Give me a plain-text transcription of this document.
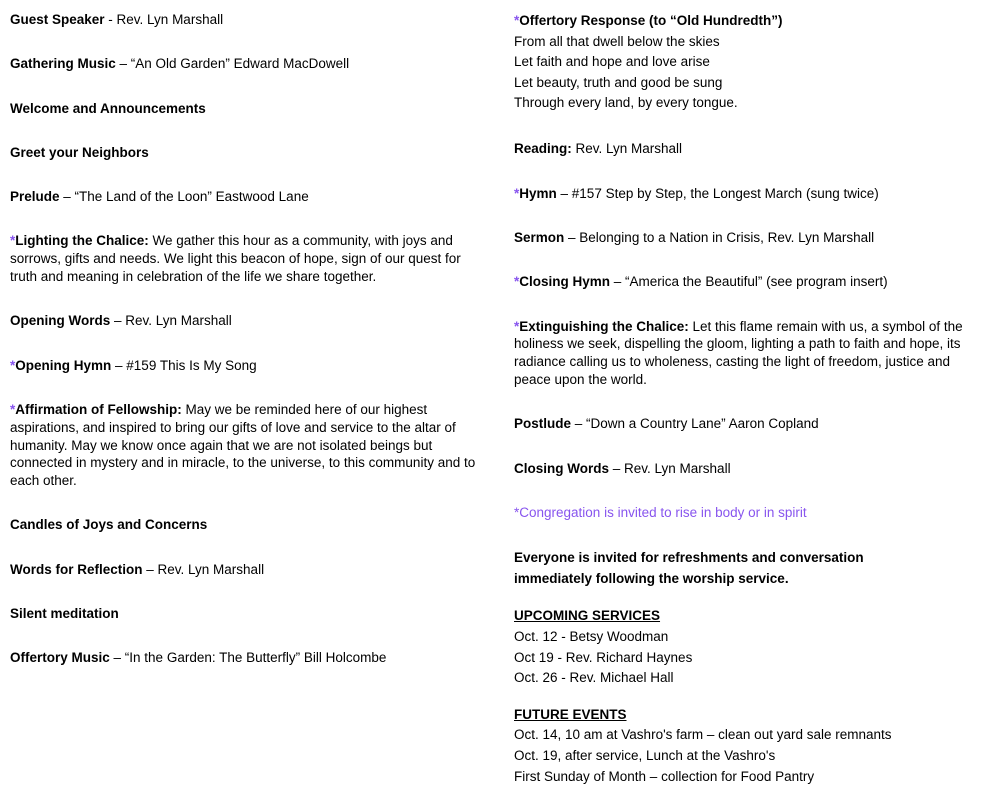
Guest Speaker - Rev. Lyn Marshall
Gathering Music – “An Old Garden” Edward MacDowell
Welcome and Announcements
Greet your Neighbors
Prelude – “The Land of the Loon” Eastwood Lane
*Lighting the Chalice: We gather this hour as a community, with joys and sorrows, gifts and needs. We light this beacon of hope, sign of our quest for truth and meaning in celebration of the life we share together.
Opening Words – Rev. Lyn Marshall
*Opening Hymn – #159 This Is My Song
*Affirmation of Fellowship: May we be reminded here of our highest aspirations, and inspired to bring our gifts of love and service to the altar of humanity. May we know once again that we are not isolated beings but connected in mystery and in miracle, to the universe, to this community and to each other.
Candles of Joys and Concerns
Words for Reflection – Rev. Lyn Marshall
Silent meditation
Offertory Music – “In the Garden: The Butterfly” Bill Holcombe
*Offertory Response (to “Old Hundredth”)
From all that dwell below the skies
Let faith and hope and love arise
Let beauty, truth and good be sung
Through every land, by every tongue.
Reading: Rev. Lyn Marshall
*Hymn – #157 Step by Step, the Longest March (sung twice)
Sermon – Belonging to a Nation in Crisis, Rev. Lyn Marshall
*Closing Hymn – “America the Beautiful” (see program insert)
*Extinguishing the Chalice: Let this flame remain with us, a symbol of the holiness we seek, dispelling the gloom, lighting a path to faith and hope, its radiance calling us to wholeness, casting the light of freedom, justice and peace upon the world.
Postlude – “Down a Country Lane” Aaron Copland
Closing Words – Rev. Lyn Marshall
*Congregation is invited to rise in body or in spirit
Everyone is invited for refreshments and conversation
immediately following the worship service.
UPCOMING SERVICES
Oct. 12 - Betsy Woodman
Oct 19 - Rev. Richard Haynes
Oct. 26 - Rev. Michael Hall
FUTURE EVENTS
Oct. 14, 10 am at Vashro's farm – clean out yard sale remnants
Oct. 19, after service, Lunch at the Vashro's
First Sunday of Month – collection for Food Pantry
